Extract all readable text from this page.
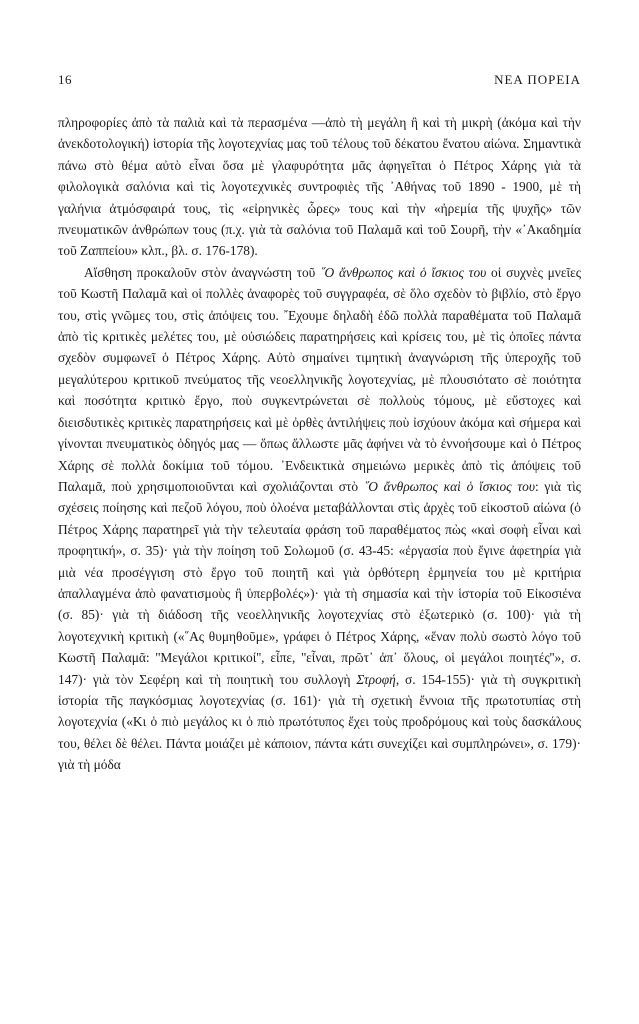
16	ΝΕΑ ΠΟΡΕΙΑ

πληροφορίες ἀπὸ τὰ παλιὰ καὶ τὰ περασμένα —ἀπὸ τὴ μεγάλη ἢ καὶ τὴ μικρὴ (ἀκόμα καὶ τὴν ἀνεκδοτολογική) ἱστορία τῆς λογοτεχνίας μας τοῦ τέλους τοῦ δέκατου ἔνατου αἰώνα. Σημαντικὰ πάνω στὸ θέμα αὐτὸ εἶναι ὅσα μὲ γλαφυρότητα μᾶς ἀφηγεῖται ὁ Πέτρος Χάρης γιὰ τὰ φιλολογικὰ σαλόνια καὶ τὶς λογοτεχνικὲς συντροφιὲς τῆς ᾿Αθήνας τοῦ 1890 - 1900, μὲ τὴ γαλήνια ἀτμόσφαιρά τους, τὶς «εἰρηνικὲς ὧρες» τους καὶ τὴν «ἠρεμία τῆς ψυχῆς» τῶν πνευματικῶν ἀνθρώπων τους (π.χ. γιὰ τὰ σαλόνια τοῦ Παλαμᾶ καὶ τοῦ Σουρῆ, τὴν «᾿Ακαδημία τοῦ Ζαππείου» κλπ., βλ. σ. 176-178).

Αἴσθηση προκαλοῦν στὸν ἀναγνώστη τοῦ ῞Ο ἄνθρωπος καὶ ὁ ἴσκιος του οἱ συχνὲς μνεῖες τοῦ Κωστῆ Παλαμᾶ καὶ οἱ πολλὲς ἀναφορὲς τοῦ συγγραφέα, σὲ ὅλο σχεδὸν τὸ βιβλίο, στὸ ἔργο του, στὶς γνῶμες του, στὶς ἀπόψεις του. ῎Εχουμε δηλαδὴ ἐδῶ πολλὰ παραθέματα τοῦ Παλαμᾶ ἀπὸ τὶς κριτικὲς μελέτες του, μὲ οὐσιώδεις παρατηρήσεις καὶ κρίσεις του, μὲ τὶς ὁποῖες πάντα σχεδὸν συμφωνεῖ ὁ Πέτρος Χάρης. Αὐτὸ σημαίνει τιμητικὴ ἀναγνώριση τῆς ὑπεροχῆς τοῦ μεγαλύτερου κριτικοῦ πνεύματος τῆς νεοελληνικῆς λογοτεχνίας, μὲ πλουσιότατο σὲ ποιότητα καὶ ποσότητα κριτικὸ ἔργο, ποὺ συγκεντρώνεται σὲ πολλοὺς τόμους, μὲ εὔστοχες καὶ διεισδυτικὲς κριτικὲς παρατηρήσεις καὶ μὲ ὀρθὲς ἀντιλήψεις ποὺ ἰσχύουν ἀκόμα καὶ σήμερα καὶ γίνονται πνευματικὸς ὁδηγός μας — ὅπως ἄλλωστε μᾶς ἀφήνει νὰ τὸ ἐννοήσουμε καὶ ὁ Πέτρος Χάρης σὲ πολλὰ δοκίμια τοῦ τόμου. ᾿Ενδεικτικὰ σημειώνω μερικὲς ἀπὸ τὶς ἀπόψεις τοῦ Παλαμᾶ, ποὺ χρησιμοποιοῦνται καὶ σχολιάζονται στὸ ῞Ο ἄνθρωπος καὶ ὁ ἴσκιος του: γιὰ τὶς σχέσεις ποίησης καὶ πεζοῦ λόγου, ποὺ ὁλοένα μεταβάλλονται στὶς ἀρχὲς τοῦ εἰκοστοῦ αἰώνα (ὁ Πέτρος Χάρης παρατηρεῖ γιὰ τὴν τελευταία φράση τοῦ παραθέματος πὼς «καὶ σοφὴ εἶναι καὶ προφητική», σ. 35)· γιὰ τὴν ποίηση τοῦ Σολωμοῦ (σ. 43-45: «ἐργασία ποὺ ἔγινε ἀφετηρία γιὰ μιὰ νέα προσέγγιση στὸ ἔργο τοῦ ποιητῆ καὶ γιὰ ὀρθότερη ἑρμηνεία του μὲ κριτήρια ἀπαλλαγμένα ἀπὸ φανατισμοὺς ἢ ὑπερβολές»)· γιὰ τὴ σημασία καὶ τὴν ἱστορία τοῦ Εἰκοσιένα (σ. 85)· γιὰ τὴ διάδοση τῆς νεοελληνικῆς λογοτεχνίας στὸ ἐξωτερικὸ (σ. 100)· γιὰ τὴ λογοτεχνικὴ κριτικὴ («῞Ας θυμηθοῦμε», γράφει ὁ Πέτρος Χάρης, «ἕναν πολὺ σωστὸ λόγο τοῦ Κωστῆ Παλαμᾶ: ''Μεγάλοι κριτικοί'', εἶπε, ''εἶναι, πρῶτ᾿ ἀπ᾿ ὅλους, οἱ μεγάλοι ποιητές''», σ. 147)· γιὰ τὸν Σεφέρη καὶ τὴ ποιητικὴ του συλλογὴ Στροφή, σ. 154-155)· γιὰ τὴ συγκριτικὴ ἱστορία τῆς παγκόσμιας λογοτεχνίας (σ. 161)· γιὰ τὴ σχετικὴ ἔννοια τῆς πρωτοτυπίας στὴ λογοτεχνία («Κι ὁ πιὸ μεγάλος κι ὁ πιὸ πρωτότυπος ἔχει τοὺς προδρόμους καὶ τοὺς δασκάλους του, θέλει δὲ θέλει. Πάντα μοιάζει μὲ κάποιον, πάντα κάτι συνεχίζει καὶ συμπληρώνει», σ. 179)· γιὰ τὴ μόδα
